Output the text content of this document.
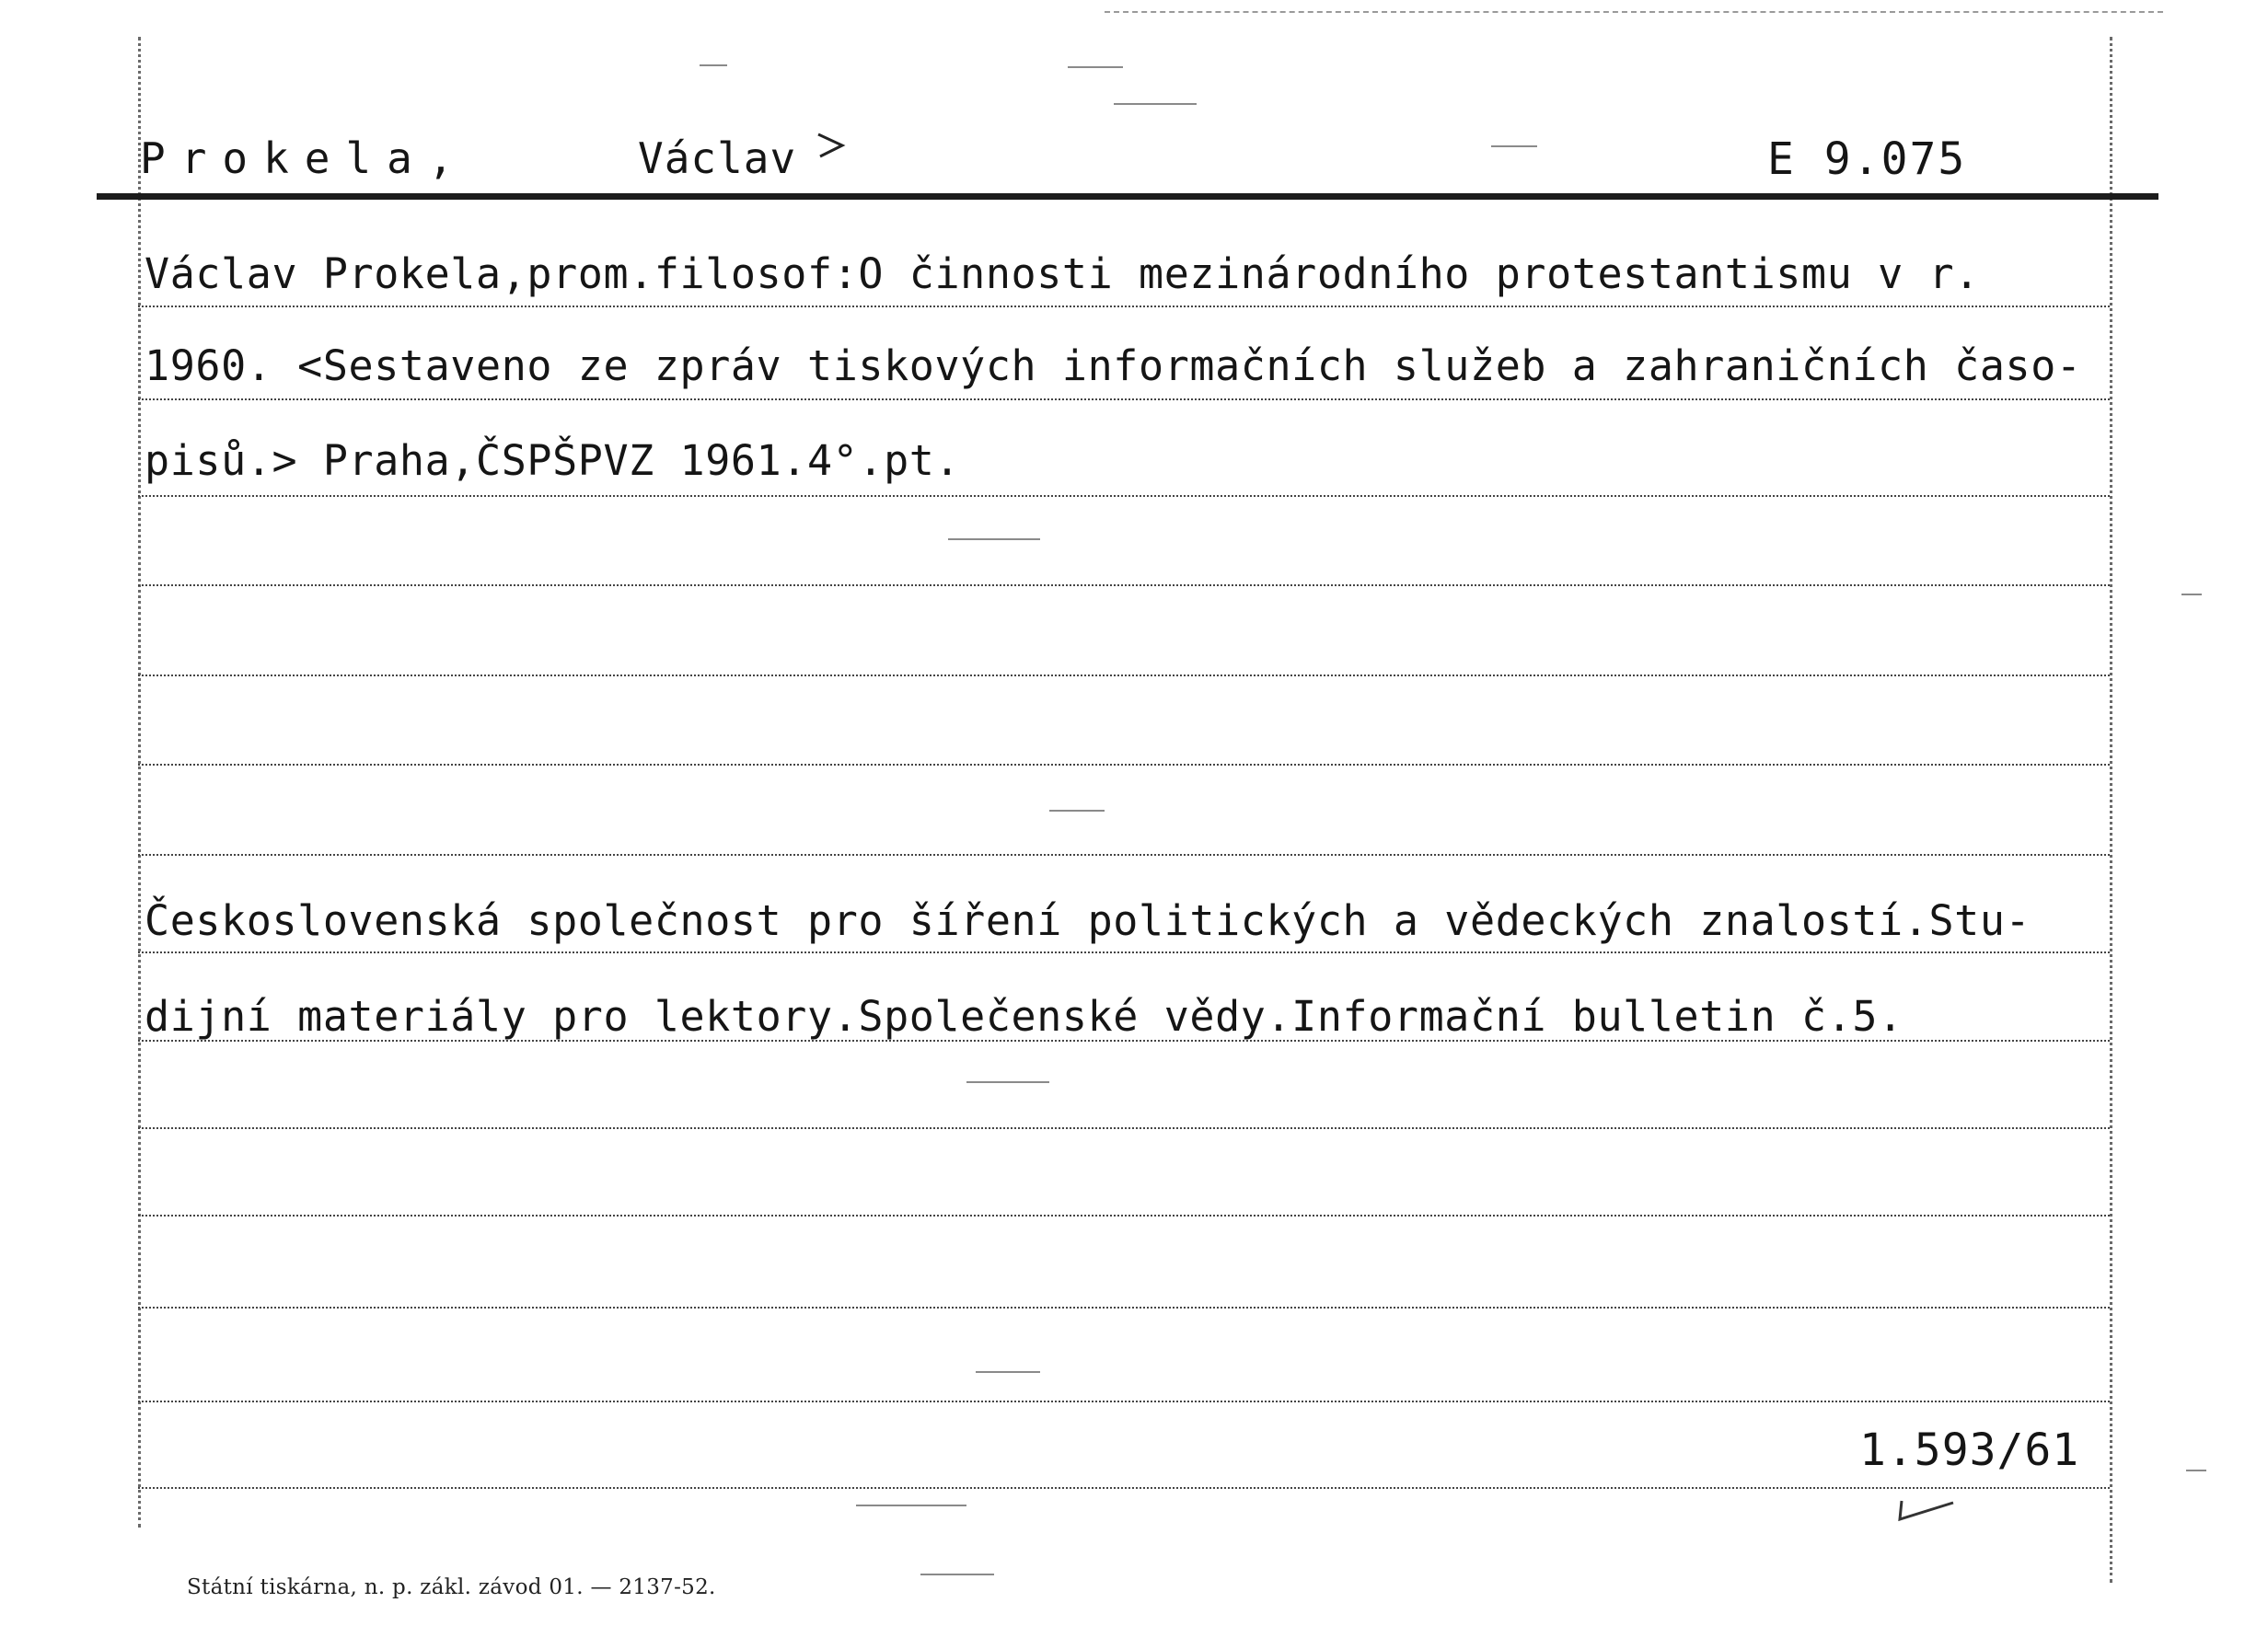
Prokela,	Václav	E 9.075
Václav Prokela,prom.filosof:O činnosti mezinárodního protestantismu v r.
1960. <Sestaveno ze zpráv tiskových informačních služeb a zahraničních časo-
pisů.> Praha,ČSPŠPVZ 1961.4°.pt.
Československá společnost pro šíření politických a vědeckých znalostí.Stu-
dijní materiály pro lektory.Společenské vědy.Informační bulletin č.5.
1.593/61
Státní tiskárna, n. p. zákl. závod 01. — 2137-52.
